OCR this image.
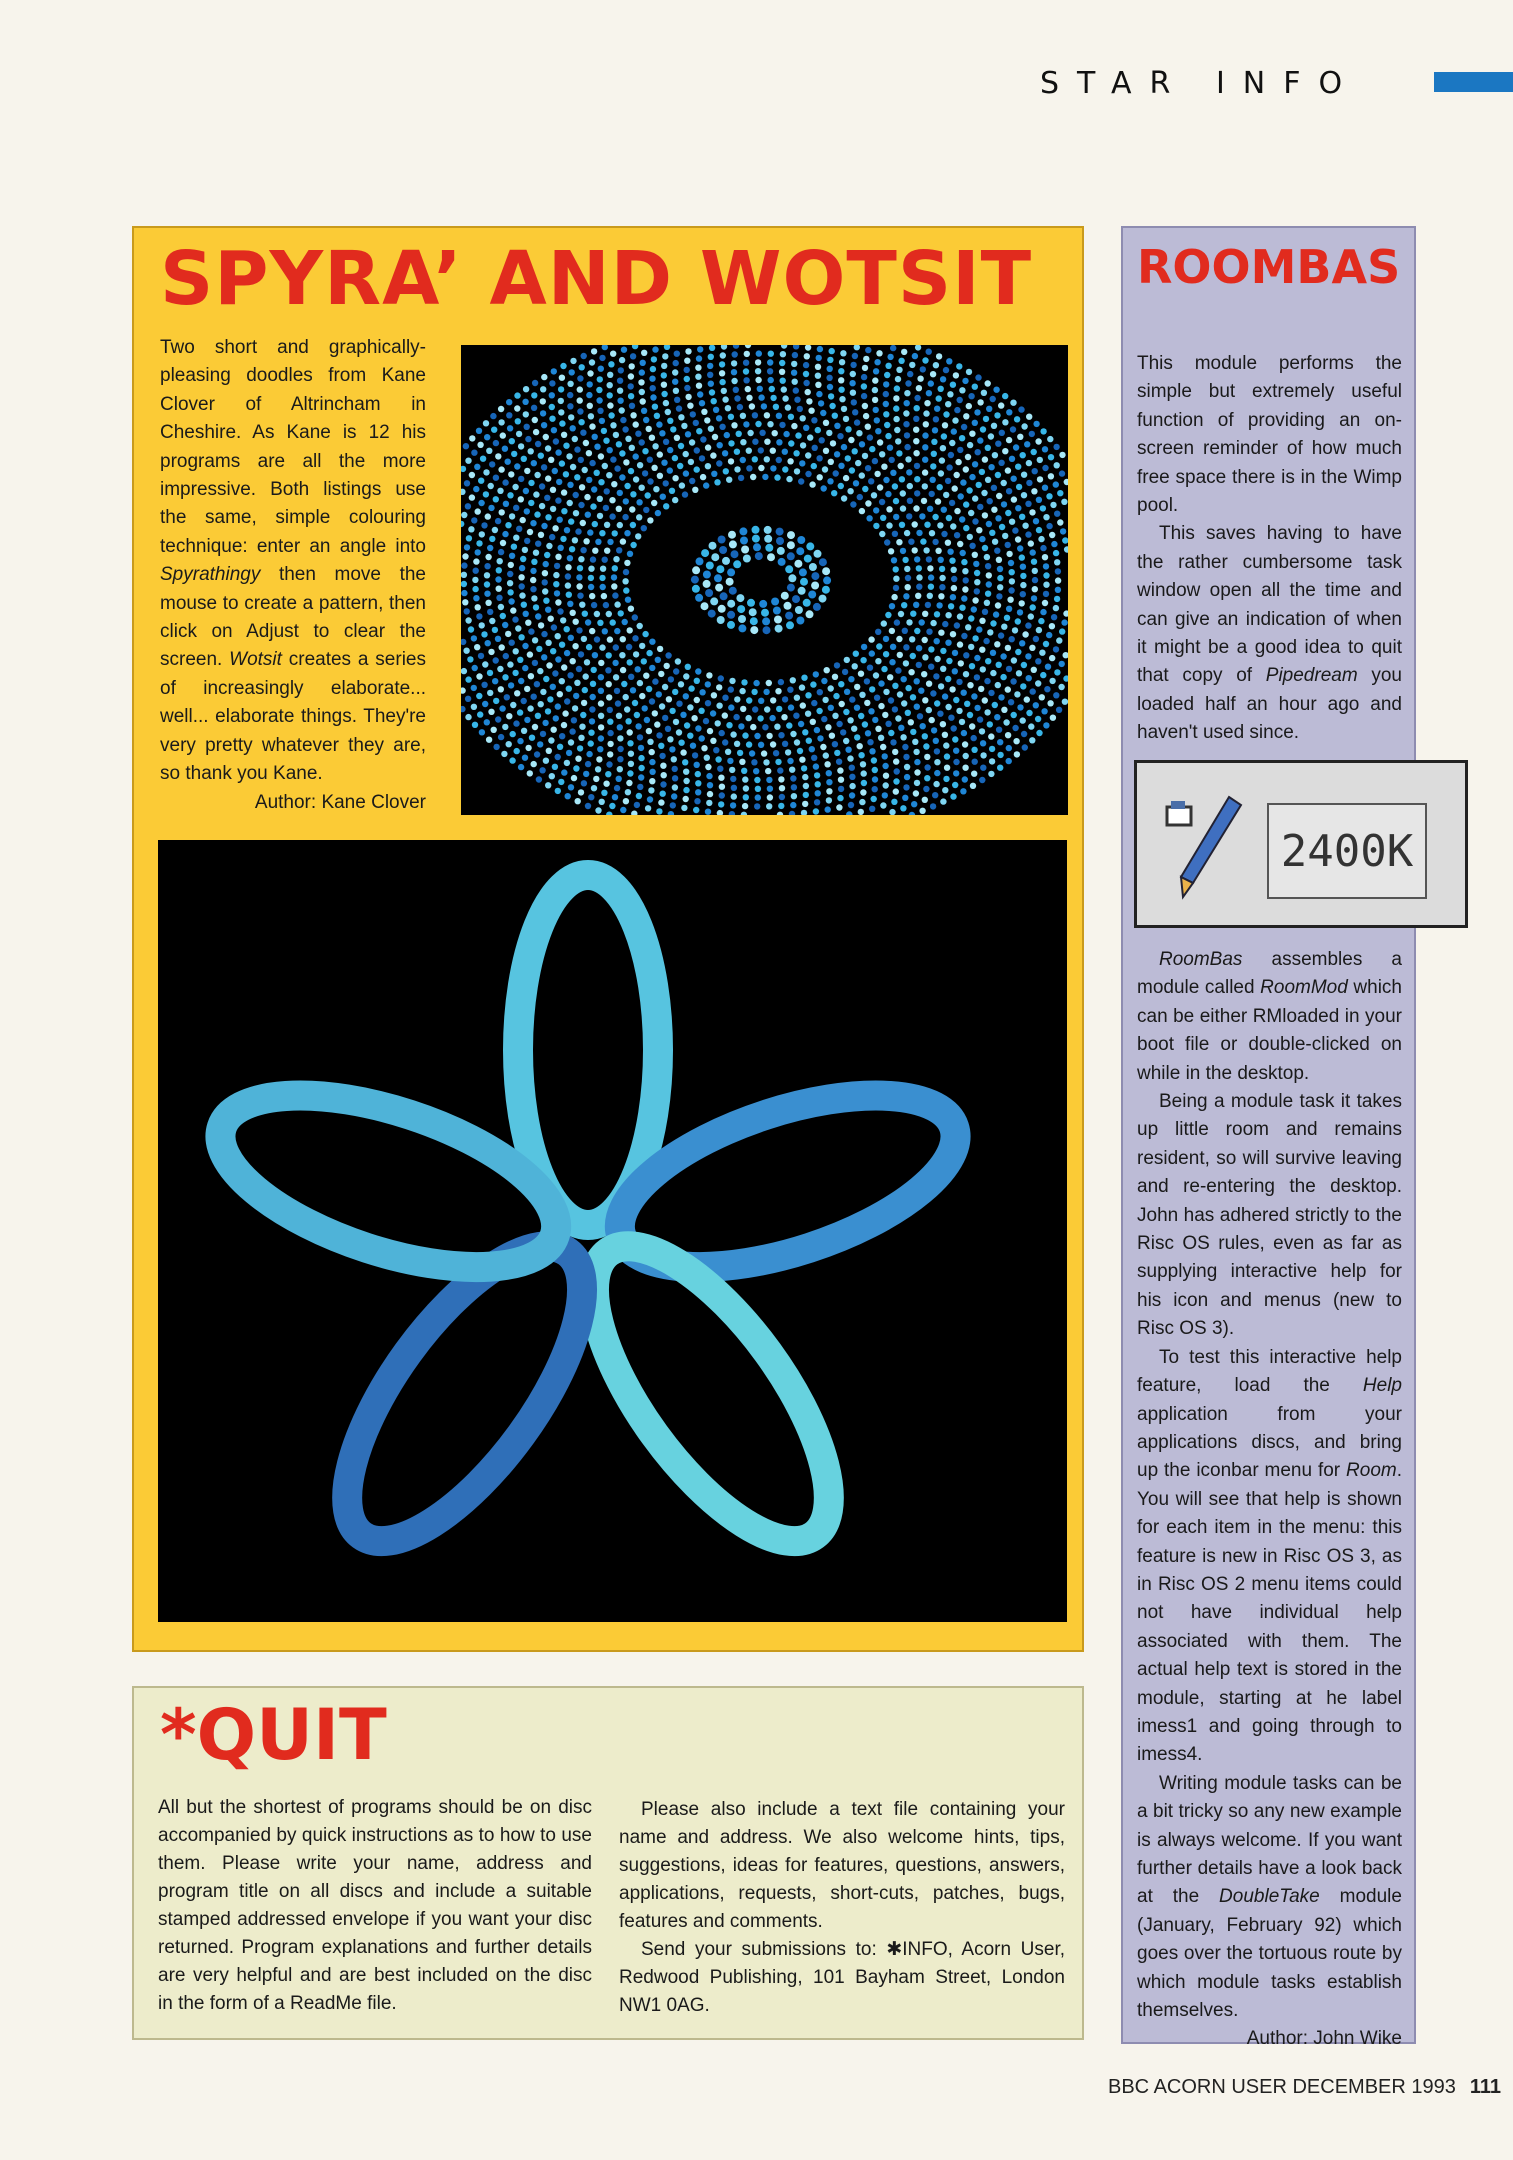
STAR INFO
SPYRA’ AND WOTSIT

Two short and graphically-pleasing doodles from Kane Clover of Altrincham in Cheshire. As Kane is 12 his programs are all the more impressive. Both listings use the same, simple colouring technique: enter an angle into Spyrathingy then move the mouse to create a pattern, then click on Adjust to clear the screen. Wotsit creates a series of increasingly elaborate... well... elaborate things. They're very pretty whatever they are, so thank you Kane.

Author: Kane Clover

*QUIT

All but the shortest of programs should be on disc accompanied by quick instructions as to how to use them. Please write your name, address and program title on all discs and include a suitable stamped addressed envelope if you want your disc returned. Program explanations and further details are very helpful and are best included on the disc in the form of a ReadMe file.

Please also include a text file containing your name and address. We also welcome hints, tips, suggestions, ideas for features, questions, answers, applications, requests, short-cuts, patches, bugs, features and comments.

Send your submissions to: ✱INFO, Acorn User, Redwood Publishing, 101 Bayham Street, London NW1 0AG.

ROOMBAS

This module performs the simple but extremely useful function of providing an on-screen reminder of how much free space there is in the Wimp pool.

This saves having to have the rather cumbersome task window open all the time and can give an indication of when it might be a good idea to quit that copy of Pipedream you loaded half an hour ago and haven't used since.

2400K

RoomBas assembles a module called RoomMod which can be either RMloaded in your boot file or double-clicked on while in the desktop.

Being a module task it takes up little room and remains resident, so will survive leaving and re-entering the desktop. John has adhered strictly to the Risc OS rules, even as far as supplying interactive help for his icon and menus (new to Risc OS 3).

To test this interactive help feature, load the Help application from your applications discs, and bring up the iconbar menu for Room. You will see that help is shown for each item in the menu: this feature is new in Risc OS 3, as in Risc OS 2 menu items could not have individual help associated with them. The actual help text is stored in the module, starting at he label imess1 and going through to imess4.

Writing module tasks can be a bit tricky so any new example is always welcome. If you want further details have a look back at the DoubleTake module (January, February 92) which goes over the tortuous route by which module tasks establish themselves.

Author: John Wike

BBC ACORN USER DECEMBER 1993 111
